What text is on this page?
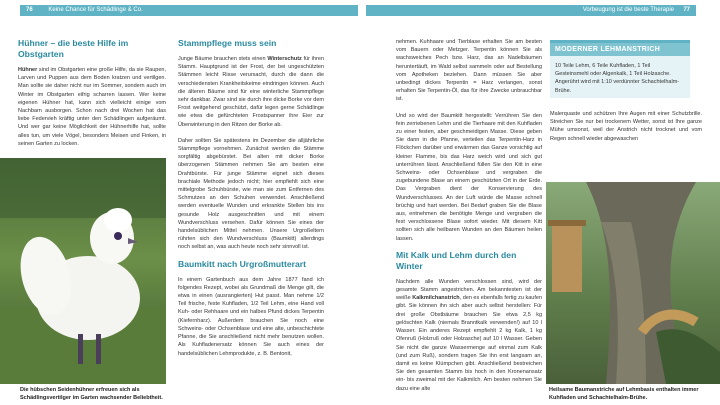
76	Keine Chance für Schädlinge & Co.	Vorbeugung ist die beste Therapie	77
Hühner – die beste Hilfe im Obstgarten

Hühner sind im Obstgarten eine große Hilfe, da sie Raupen, Larven und Puppen aus dem Boden kratzen und vertilgen. Man sollte sie daher nicht nur im Sommer, sondern auch im Winter im Obstgarten eifrig scharren lassen. Wer keine eigenen Hühner hat, kann sich vielleicht einige vom Nachbarn ausborgen. Schon nach drei Wochen hat das liebe Federvieh kräftig unter den Schädlingen aufgeräumt. Und wer gar keine Möglichkeit der Hühnerhilfe hat, sollte alles tun, um viele Vögel, besonders Meisen und Finken, in seinen Garten zu locken.

Die hübschen Seidenhühner erfreuen sich als Schädlingsvertilger im Garten wachsender Beliebtheit.
Stammpflege muss sein

Junge Bäume brauchen stets einen Winterschutz für ihren Stamm. Hauptgrund ist der Frost, der bei ungeschützten Stämmen leicht Risse verursacht, durch die dann die verschiedensten Krankheitskeime eindringen können. Auch die älteren Bäume sind für eine winterliche Stammpflege sehr dankbar. Zwar sind sie durch ihre dicke Borke vor dem Frost weitgehend geschützt, dafür legen gerne Schädlinge wie etwa die gefürchteten Frostspanner ihre Eier zur Überwinterung in den Ritzen der Borke ab.

Daher sollten Sie spätestens im Dezember die alljährliche Stammpflege vornehmen. Zunächst werden die Stämme sorgfältig abgebürstet. Bei alten mit dicker Borke überzogenen Stämmen nehmen Sie am besten eine Drahtbürste. Für junge Stämme eignet sich dieses brachiale Methode jedoch nicht; hier empfiehlt sich eine mittelgrobe Schuhbürste, wie man sie zum Entfernen des Schmutzes an den Schuhen verwendet. Anschließend werden eventuelle Wunden und erkrankte Stellen bis ins gesunde Holz ausgeschnitten und mit einem Wundverschluss versehen. Dafür können Sie eines der handelsüblichen Mittel nehmen. Unsere Urgroßeltern rührten sich den Wundverschluss (Baumkitt) allerdings noch selbst an, was auch heute noch sehr sinnvoll ist.

Baumkitt nach Urgroßmutterart

In einem Gartenbuch aus dem Jahre 1877 fand ich folgendes Rezept, wobei als Grundmaß die Menge gilt, die etwa in einen (ausrangierten) Hut passt. Man nehme 1/2 Teil frische, feste Kuhfladen, 1/2 Teil Lehm, eine Hand voll Kuh- oder Rehhaare und ein halbes Pfund dickes Terpentin (Kiefernharz). Außerdem brauchen Sie noch eine Schweins- oder Ochsenblase und eine alte, unbeschichtete Pfanne, die Sie anschließend nicht mehr benutzen wollen. Als Kuhfladenersatz können Sie auch eines der handelsüblichen Lehmprodukte, z. B. Bentonit,

nehmen. Kuhhaare und Tierblase erhalten Sie am besten vom Bauern oder Metzger. Terpentin können Sie als wachsweiches Pech bzw. Harz, das an Nadelbäumen heruntertäuft, im Wald selbst sammeln oder auf Bestellung vom Apotheken beziehen. Dann müssen Sie aber unbedingt dickes Terpentin = Harz verlangen, sonst erhalten Sie Terpentin-Öl, das für ihre Zwecke unbrauchbar ist.

Und so wird der Baumkitt hergestellt: Verrühren Sie den fein zerriebenen Lehm und die Tierhaare mit den Kuhfladen zu einer festen, aber geschmeidigen Masse. Diese geben Sie dann in die Pfanne, verteilen das Terpentin-Harz in Flöckchen darüber und erwärmen das Ganze vorsichtig auf kleiner Flamme, bis das Harz weich wird und sich gut unterrühren lässt. Anschließend füllen Sie den Kitt in eine Schweins- oder Ochsenblase und vergraben die zugebundene Blase an einem geschützten Ort in der Erde. Das Vergraben dient der Konservierung des Wundverschlusses. An der Luft würde die Masse schnell brüchig und hart werden. Bei Bedarf graben Sie die Blase aus, entnehmen die benötigte Menge und vergraben die fest verschlossene Blase sofort wieder. Mit diesem Kitt sollten sich alle heilbaren Wunden an den Bäumen heilen lassen.

Mit Kalk und Lehm durch den Winter

Nachdem alle Wunden verschlossen sind, wird der gesamte Stamm angestrichen. Am bekanntesten ist der weiße Kalkmilchanstrich, den es ebenfalls fertig zu kaufen gibt. Sie können ihn sich aber auch selbst herstellen: Für drei große Obstbäume brauchen Sie etwa 2,5 kg gelöschten Kalk (niemals Branntkalk verwenden!) auf 10 l Wasser. Ein anderes Rezept empfiehlt 2 kg Kalk, 1 kg Ofenruß (Holzruß oder Holzasche) auf 10 l Wasser. Geben Sie nicht die ganze Wassermenge auf einmal zum Kalk (und zum Ruß), sondern tragen Sie ihn erst langsam an, damit es keine Klümpchen gibt. Anschließend bestreichen Sie den gesamten Stamm bis hoch in den Kronenansatz ein- bis zweimal mit der Kalkmilch. Am besten nehmen Sie dazu eine alte

MODERNER LEHMANSTRICH
10 Teile Lehm, 6 Teile Kuhfladen, 1 Teil Gesteinsmehl oder Algenkalk, 1 Teil Holzasche. Angerührt wird mit 1:10 verdünnter Schachtelhalm-Brühe.

Malerquaste und schützen Ihre Augen mit einer Schutzbrille. Streichen Sie nur bei trockenem Wetter, sonst ist Ihre ganze Mühe umsonst, weil der Anstrich nicht trocknet und vom Regen schnell wieder abgewaschen

Heilsame Baumanstriche auf Lehmbasis enthalten immer Kuhfladen und Schachtelhalm-Brühe.
